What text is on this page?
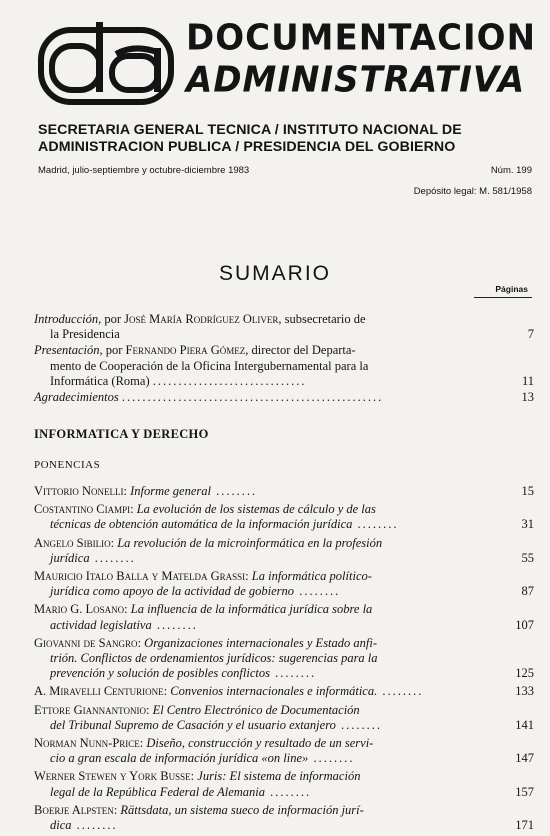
DOCUMENTACION
ADMINISTRATIVA
SECRETARIA GENERAL TECNICA / INSTITUTO NACIONAL DE
ADMINISTRACION PUBLICA / PRESIDENCIA DEL GOBIERNO
Madrid, julio-septiembre y octubre-diciembre 1983	Núm. 199
Depósito legal: M. 581/1958
SUMARIO
Páginas
Introducción, por José María Rodríguez Oliver, subsecretario de
la Presidencia	7
Presentación, por Fernando Piera Gómez, director del Departa-
mento de Cooperación de la Oficina Intergubernamental para la
Informática (Roma) ..............................	11
Agradecimientos ...................................................	13
INFORMATICA Y DERECHO
PONENCIAS
Vittorio Nonelli: Informe general ........	15
Costantino Ciampi: La evolución de los sistemas de cálculo y de las
técnicas de obtención automática de la información jurídica ........	31
Angelo Sibilio: La revolución de la microinformática en la profesión
jurídica ........	55
Mauricio Italo Balla y Matelda Grassi: La informática político-
jurídica como apoyo de la actividad de gobierno ........	87
Mario G. Losano: La influencia de la informática jurídica sobre la
actividad legislativa ........	107
Giovanni de Sangro: Organizaciones internacionales y Estado anfi-
trión. Conflictos de ordenamientos jurídicos: sugerencias para la
prevención y solución de posibles conflictos ........	125
A. Miravelli Centurione: Convenios internacionales e informática. ........	133
Ettore Giannantonio: El Centro Electrónico de Documentación
del Tribunal Supremo de Casación y el usuario extanjero ........	141
Norman Nunn-Price: Diseño, construcción y resultado de un servi-
cio a gran escala de información jurídica «on line» ........	147
Werner Stewen y York Busse: Juris: El sistema de información
legal de la República Federal de Alemania ........	157
Boerje Alpsten: Rättsdata, un sistema sueco de información jurí-
dica ........	171
